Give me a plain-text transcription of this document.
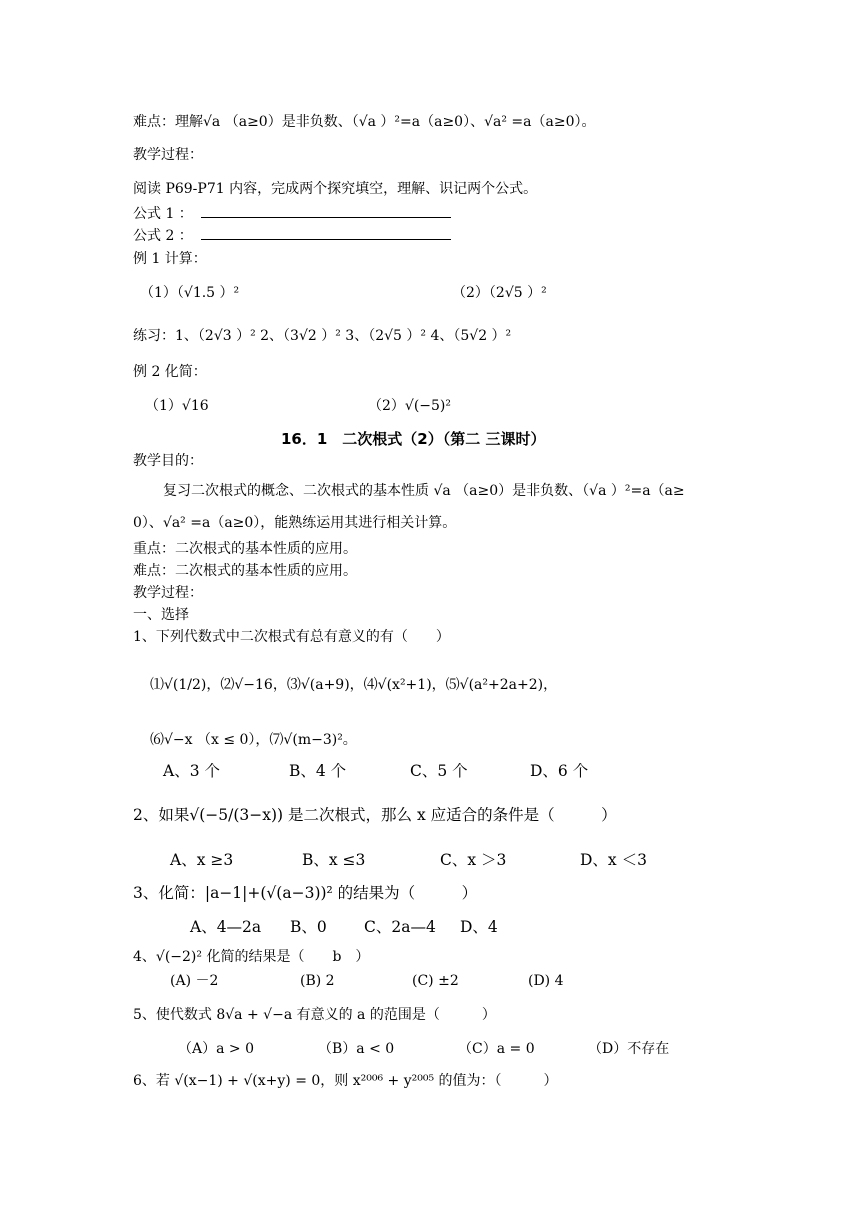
难点：理解√a （a≥0）是非负数、（√a ）²=a（a≥0）、√a² =a（a≥0）。
教学过程：
阅读 P69-P71 内容，完成两个探究填空，理解、识记两个公式。
公式 1 ：
公式 2 ：
例 1 计算：
（1）（√1.5 ）²	（2）（2√5 ）²
练习：1、（2√3 ）² 2、（3√2 ）² 3、（2√5 ）² 4、（5√2 ）²
例 2 化简：
（1）√16	（2）√(−5)²
16．1　二次根式（2）（第二 三课时）
教学目的：
复习二次根式的概念、二次根式的基本性质 √a （a≥0）是非负数、（√a ）²=a（a≥
0）、√a² =a（a≥0），能熟练运用其进行相关计算。
重点：二次根式的基本性质的应用。
难点：二次根式的基本性质的应用。
教学过程：
一、选择
1、下列代数式中二次根式有总有意义的有（　　）
⑴√(1/2)，⑵√−16，⑶√(a+9)，⑷√(x²+1)，⑸√(a²+2a+2)，
⑹√−x （x ≤ 0），⑺√(m−3)²。
A、3 个	B、4 个	C、5 个	D、6 个
2、如果√(−5/(3−x)) 是二次根式，那么 x 应适合的条件是（　　　）
A、x ≥3	B、x ≤3	C、x ＞3	D、x ＜3
3、化简：|a−1|+(√(a−3))² 的结果为（　　　）
A、4—2a B、0 C、2a—4 D、4
4、√(−2)² 化简的结果是（　　b　）
(A) －2	(B) 2	(C) ±2	(D) 4
5、使代数式 8√a + √−a 有意义的 a 的范围是（　　　）
（A）a > 0	（B）a < 0	（C）a = 0	（D）不存在
6、若 √(x−1) + √(x+y) = 0，则 x²⁰⁰⁶ + y²⁰⁰⁵ 的值为：（　　　）
